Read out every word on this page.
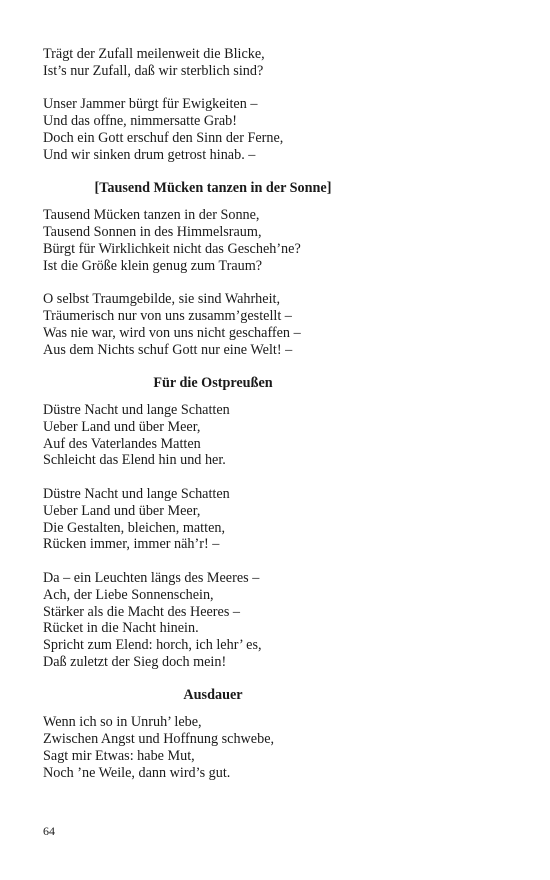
Trägt der Zufall meilenweit die Blicke,
Ist’s nur Zufall, daß wir sterblich sind?
Unser Jammer bürgt für Ewigkeiten –
Und das offne, nimmersatte Grab!
Doch ein Gott erschuf den Sinn der Ferne,
Und wir sinken drum getrost hinab. –
[Tausend Mücken tanzen in der Sonne]
Tausend Mücken tanzen in der Sonne,
Tausend Sonnen in des Himmelsraum,
Bürgt für Wirklichkeit nicht das Gescheh’ne?
Ist die Größe klein genug zum Traum?
O selbst Traumgebilde, sie sind Wahrheit,
Träumerisch nur von uns zusamm’gestellt –
Was nie war, wird von uns nicht geschaffen –
Aus dem Nichts schuf Gott nur eine Welt! –
Für die Ostpreußen
Düstre Nacht und lange Schatten
Ueber Land und über Meer,
Auf des Vaterlandes Matten
Schleicht das Elend hin und her.
Düstre Nacht und lange Schatten
Ueber Land und über Meer,
Die Gestalten, bleichen, matten,
Rücken immer, immer näh’r! –
Da – ein Leuchten längs des Meeres –
Ach, der Liebe Sonnenschein,
Stärker als die Macht des Heeres –
Rücket in die Nacht hinein.
Spricht zum Elend: horch, ich lehr’ es,
Daß zuletzt der Sieg doch mein!
Ausdauer
Wenn ich so in Unruh’ lebe,
Zwischen Angst und Hoffnung schwebe,
Sagt mir Etwas: habe Mut,
Noch ’ne Weile, dann wird’s gut.
64
